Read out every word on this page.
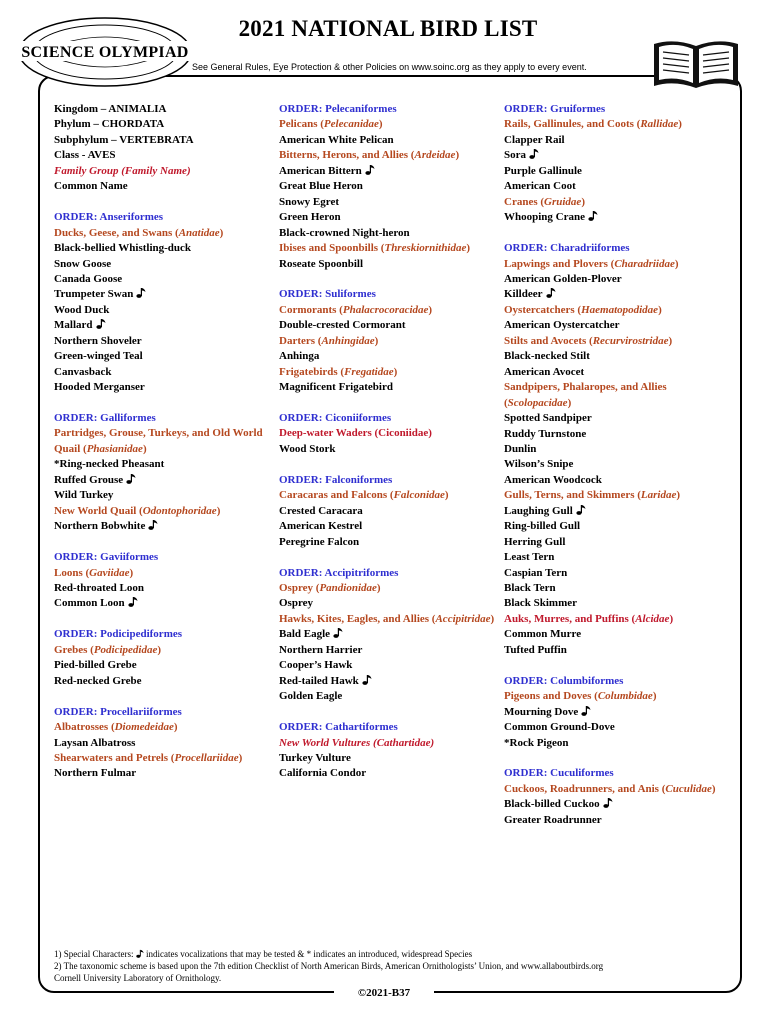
SCIENCE OLYMPIAD
2021 NATIONAL BIRD LIST
See General Rules, Eye Protection & other Policies on www.soinc.org as they apply to every event.
Kingdom – ANIMALIA
Phylum – CHORDATA
Subphylum – VERTEBRATA
Class - AVES
Family Group (Family Name)
Common Name
ORDER: Anseriformes
Ducks, Geese, and Swans (Anatidae)
Black-bellied Whistling-duck
Snow Goose
Canada Goose
Trumpeter Swan
Wood Duck
Mallard
Northern Shoveler
Green-winged Teal
Canvasback
Hooded Merganser
ORDER: Galliformes
Partridges, Grouse, Turkeys, and Old World Quail (Phasianidae)
*Ring-necked Pheasant
Ruffed Grouse
Wild Turkey
New World Quail (Odontophoridae)
Northern Bobwhite
ORDER: Gaviiformes
Loons (Gaviidae)
Red-throated Loon
Common Loon
ORDER: Podicipediformes
Grebes (Podicipedidae)
Pied-billed Grebe
Red-necked Grebe
ORDER: Procellariiformes
Albatrosses (Diomedeidae)
Laysan Albatross
Shearwaters and Petrels (Procellariidae)
Northern Fulmar
ORDER: Pelecaniformes
Pelicans (Pelecanidae)
American White Pelican
Bitterns, Herons, and Allies (Ardeidae)
American Bittern
Great Blue Heron
Snowy Egret
Green Heron
Black-crowned Night-heron
Ibises and Spoonbills (Threskiornithidae)
Roseate Spoonbill
ORDER: Suliformes
Cormorants (Phalacrocoracidae)
Double-crested Cormorant
Darters (Anhingidae)
Anhinga
Frigatebirds (Fregatidae)
Magnificent Frigatebird
ORDER: Ciconiiformes
Deep-water Waders (Ciconiidae)
Wood Stork
ORDER: Falconiformes
Caracaras and Falcons (Falconidae)
Crested Caracara
American Kestrel
Peregrine Falcon
ORDER: Accipitriformes
Osprey (Pandionidae)
Osprey
Hawks, Kites, Eagles, and Allies (Accipitridae)
Bald Eagle
Northern Harrier
Cooper’s Hawk
Red-tailed Hawk
Golden Eagle
ORDER: Cathartiformes
New World Vultures (Cathartidae)
Turkey Vulture
California Condor
ORDER: Gruiformes
Rails, Gallinules, and Coots (Rallidae)
Clapper Rail
Sora
Purple Gallinule
American Coot
Cranes (Gruidae)
Whooping Crane
ORDER: Charadriiformes
Lapwings and Plovers (Charadriidae)
American Golden-Plover
Killdeer
Oystercatchers (Haematopodidae)
American Oystercatcher
Stilts and Avocets (Recurvirostridae)
Black-necked Stilt
American Avocet
Sandpipers, Phalaropes, and Allies (Scolopacidae)
Spotted Sandpiper
Ruddy Turnstone
Dunlin
Wilson’s Snipe
American Woodcock
Gulls, Terns, and Skimmers (Laridae)
Laughing Gull
Ring-billed Gull
Herring Gull
Least Tern
Caspian Tern
Black Tern
Black Skimmer
Auks, Murres, and Puffins (Alcidae)
Common Murre
Tufted Puffin
ORDER: Columbiformes
Pigeons and Doves (Columbidae)
Mourning Dove
Common Ground-Dove
*Rock Pigeon
ORDER: Cuculiformes
Cuckoos, Roadrunners, and Anis (Cuculidae)
Black-billed Cuckoo
Greater Roadrunner
1) Special Characters: indicates vocalizations that may be tested & * indicates an introduced, widespread Species
2) The taxonomic scheme is based upon the 7th edition Checklist of North American Birds, American Ornithologists’ Union, and www.allaboutbirds.org
Cornell University Laboratory of Ornithology.
©2021-B37
